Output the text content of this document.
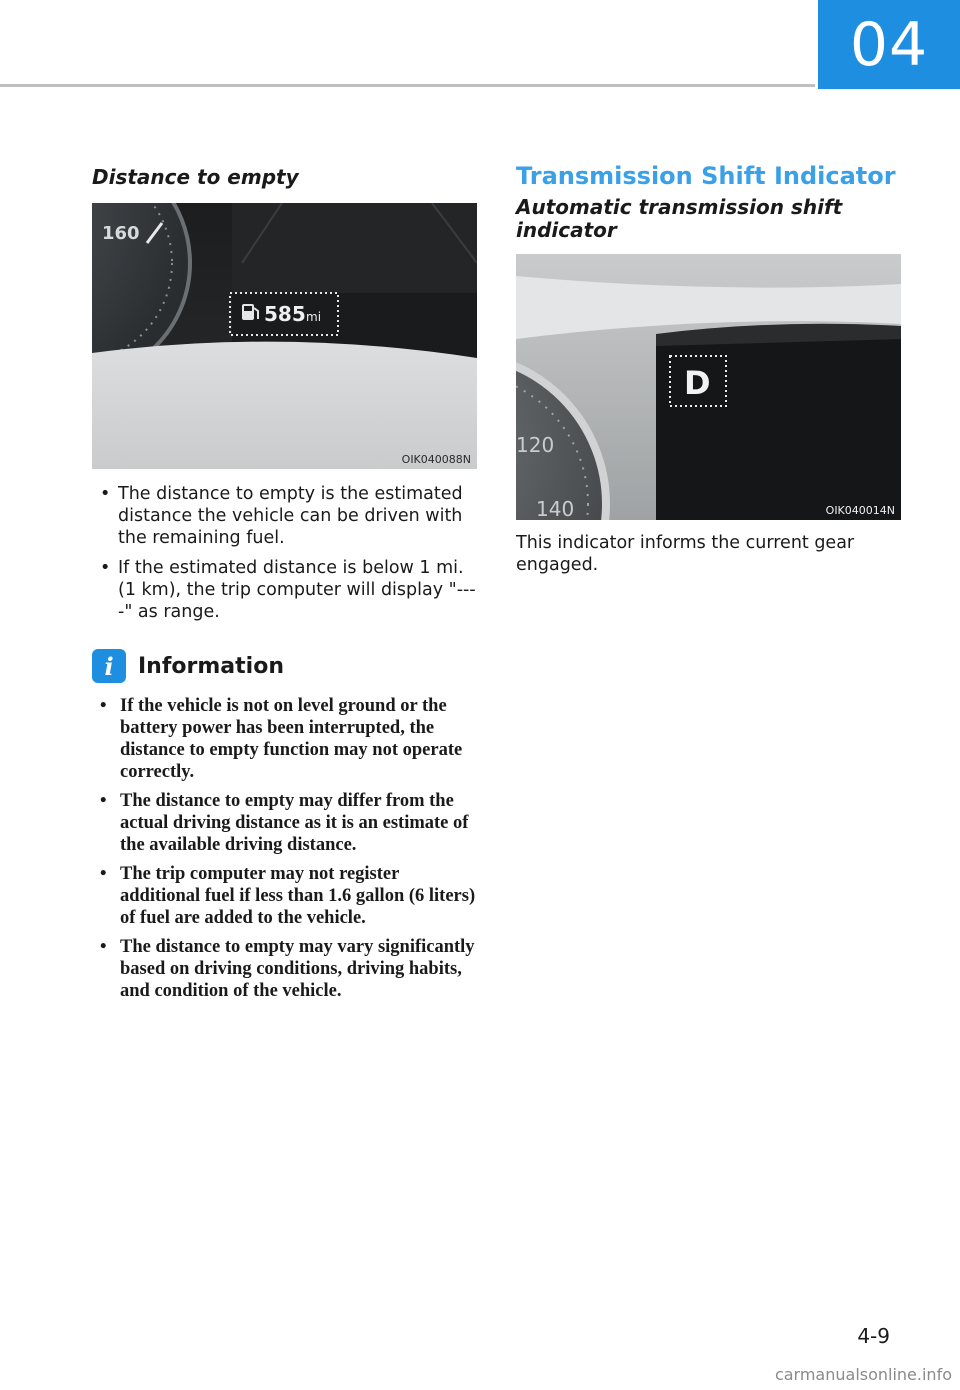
04
Distance to empty
160
585 mi
OIK040088N
• The distance to empty is the estimated distance the vehicle can be driven with the remaining fuel.
• If the estimated distance is below 1 mi. (1 km), the trip computer will display "----" as range.
i	Information
• If the vehicle is not on level ground or the battery power has been interrupted, the distance to empty function may not operate correctly.
• The distance to empty may differ from the actual driving distance as it is an estimate of the available driving distance.
• The trip computer may not register additional fuel if less than 1.6 gallon (6 liters) of fuel are added to the vehicle.
• The distance to empty may vary significantly based on driving conditions, driving habits, and condition of the vehicle.
Transmission Shift Indicator
Automatic transmission shift indicator
120
140
D
OIK040014N
This indicator informs the current gear engaged.
4-9
carmanualsonline.info
